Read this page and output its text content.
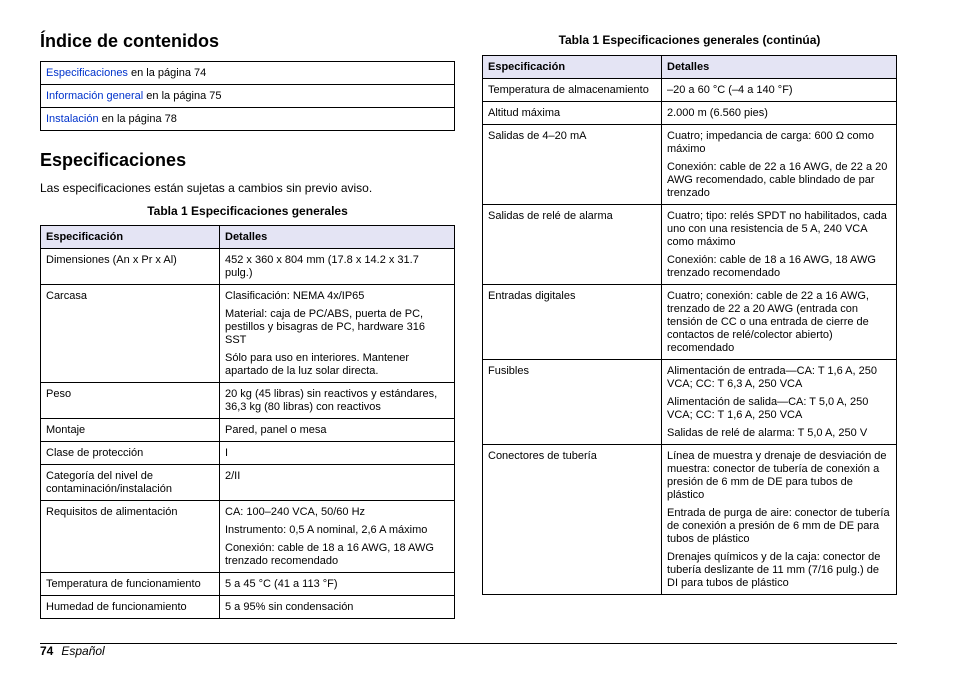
Índice de contenidos
Especificaciones en la página 74
Información general en la página 75
Instalación en la página 78
Especificaciones

Las especificaciones están sujetas a cambios sin previo aviso.

Tabla 1 Especificaciones generales
Especificación	Detalles
Dimensiones (An x Pr x Al)	452 x 360 x 804 mm (17.8 x 14.2 x 31.7 pulg.)

Carcasa	Clasificación: NEMA 4x/IP65

Material: caja de PC/ABS, puerta de PC, pestillos y bisagras de PC, hardware 316 SST

Sólo para uso en interiores. Mantener apartado de la luz solar directa.

Peso	20 kg (45 libras) sin reactivos y estándares, 36,3 kg (80 libras) con reactivos

Montaje	Pared, panel o mesa

Clase de protección	I

Categoría del nivel de contaminación/instalación	2/II

Requisitos de alimentación	CA: 100–240 VCA, 50/60 Hz

Instrumento: 0,5 A nominal, 2,6 A máximo

Conexión: cable de 18 a 16 AWG, 18 AWG trenzado recomendado

Temperatura de funcionamiento	5 a 45 °C (41 a 113 °F)

Humedad de funcionamiento	5 a 95% sin condensación

Tabla 1 Especificaciones generales (continúa)
Especificación	Detalles
Temperatura de almacenamiento	–20 a 60 °C (–4 a 140 °F)

Altitud máxima	2.000 m (6.560 pies)

Salidas de 4–20 mA	Cuatro; impedancia de carga: 600 Ω como máximo

Conexión: cable de 22 a 16 AWG, de 22 a 20 AWG recomendado, cable blindado de par trenzado

Salidas de relé de alarma	Cuatro; tipo: relés SPDT no habilitados, cada uno con una resistencia de 5 A, 240 VCA como máximo

Conexión: cable de 18 a 16 AWG, 18 AWG trenzado recomendado

Entradas digitales	Cuatro; conexión: cable de 22 a 16 AWG, trenzado de 22 a 20 AWG (entrada con tensión de CC o una entrada de cierre de contactos de relé/colector abierto) recomendado

Fusibles	Alimentación de entrada—CA: T 1,6 A, 250 VCA; CC: T 6,3 A, 250 VCA

Alimentación de salida—CA: T 5,0 A, 250 VCA; CC: T 1,6 A, 250 VCA

Salidas de relé de alarma: T 5,0 A, 250 V

Conectores de tubería	Línea de muestra y drenaje de desviación de muestra: conector de tubería de conexión a presión de 6 mm de DE para tubos de plástico

Entrada de purga de aire: conector de tubería de conexión a presión de 6 mm de DE para tubos de plástico

Drenajes químicos y de la caja: conector de tubería deslizante de 11 mm (7/16 pulg.) de DI para tubos de plástico

74 Español
